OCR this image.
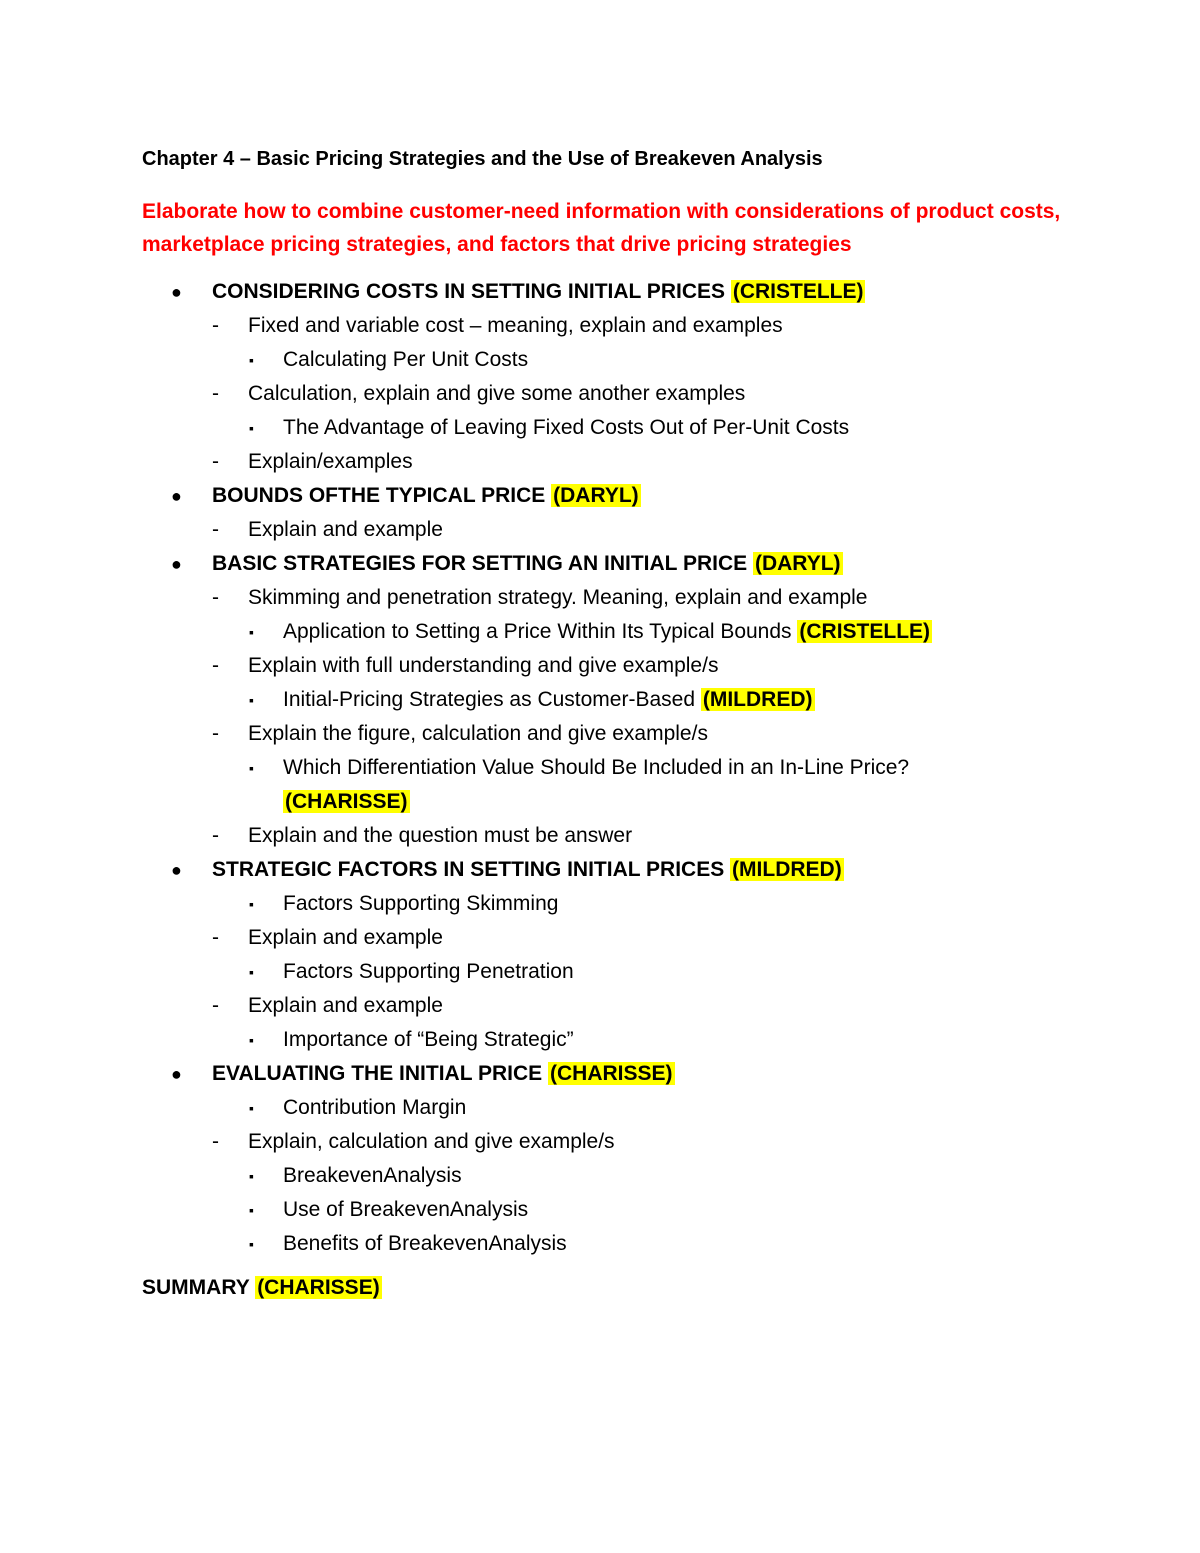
Chapter 4 – Basic Pricing Strategies and the Use of Breakeven Analysis
Elaborate how to combine customer-need information with considerations of product costs, marketplace pricing strategies, and factors that drive pricing strategies
● CONSIDERING COSTS IN SETTING INITIAL PRICES (CRISTELLE)
- Fixed and variable cost – meaning, explain and examples
▪ Calculating Per Unit Costs
- Calculation, explain and give some another examples
▪ The Advantage of Leaving Fixed Costs Out of Per-Unit Costs
- Explain/examples
● BOUNDS OFTHE TYPICAL PRICE (DARYL)
- Explain and example
● BASIC STRATEGIES FOR SETTING AN INITIAL PRICE (DARYL)
- Skimming and penetration strategy. Meaning, explain and example
▪ Application to Setting a Price Within Its Typical Bounds (CRISTELLE)
- Explain with full understanding and give example/s
▪ Initial-Pricing Strategies as Customer-Based (MILDRED)
- Explain the figure, calculation and give example/s
▪ Which Differentiation Value Should Be Included in an In-Line Price?
(CHARISSE)
- Explain and the question must be answer
● STRATEGIC FACTORS IN SETTING INITIAL PRICES (MILDRED)
▪ Factors Supporting Skimming
- Explain and example
▪ Factors Supporting Penetration
- Explain and example
▪ Importance of “Being Strategic”
● EVALUATING THE INITIAL PRICE (CHARISSE)
▪ Contribution Margin
- Explain, calculation and give example/s
▪ BreakevenAnalysis
▪ Use of BreakevenAnalysis
▪ Benefits of BreakevenAnalysis
SUMMARY (CHARISSE)
